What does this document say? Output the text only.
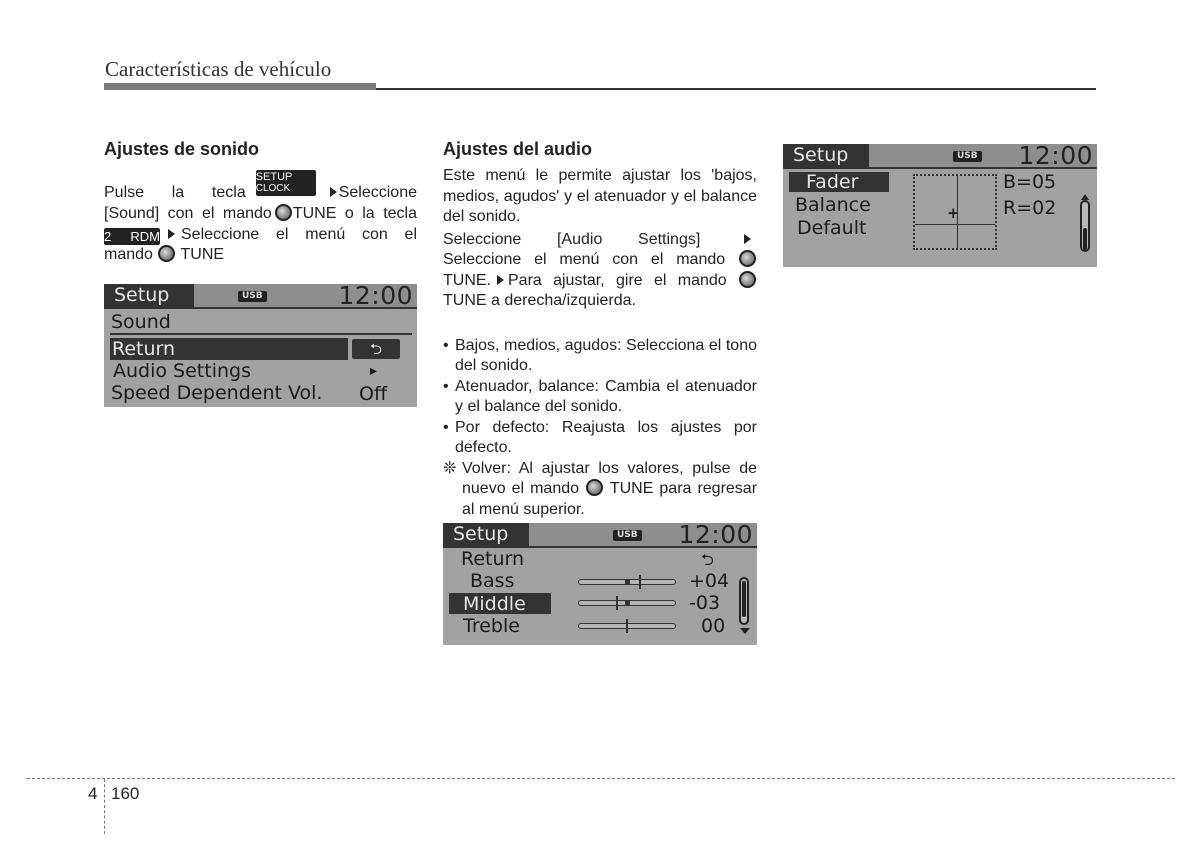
Características de vehículo
Ajustes de sonido
Pulse la teclaSETUP
CLOCK	Seleccione
[Sound] con el mando TUNE o la tecla
2 RDM Seleccione el menú con el
mando TUNE
Setup	USB	12:00
Sound
Return	⮌
Audio Settings	▸
Speed Dependent Vol. Off
Ajustes del audio

Este menú le permite ajustar los 'bajos, medios, agudos' y el atenuador y el balance del sonido.

Seleccione [Audio Settings]
Seleccione el menú con el mando
TUNE. Para ajustar, gire el mando
TUNE a derecha/izquierda.
• Bajos, medios, agudos: Selecciona el tono del sonido.
• Atenuador, balance: Cambia el atenuador y el balance del sonido.
• Por defecto: Reajusta los ajustes por defecto.
❊ Volver: Al ajustar los valores, pulse de nuevo el mando TUNE para regresar al menú superior.
Setup	USB 12:00
Return	⮌
Bass	+04
Middle	-03
Treble	00
Setup	USB 12:00
Fader
Balance
Default
+
B=05
R=02
4 160
